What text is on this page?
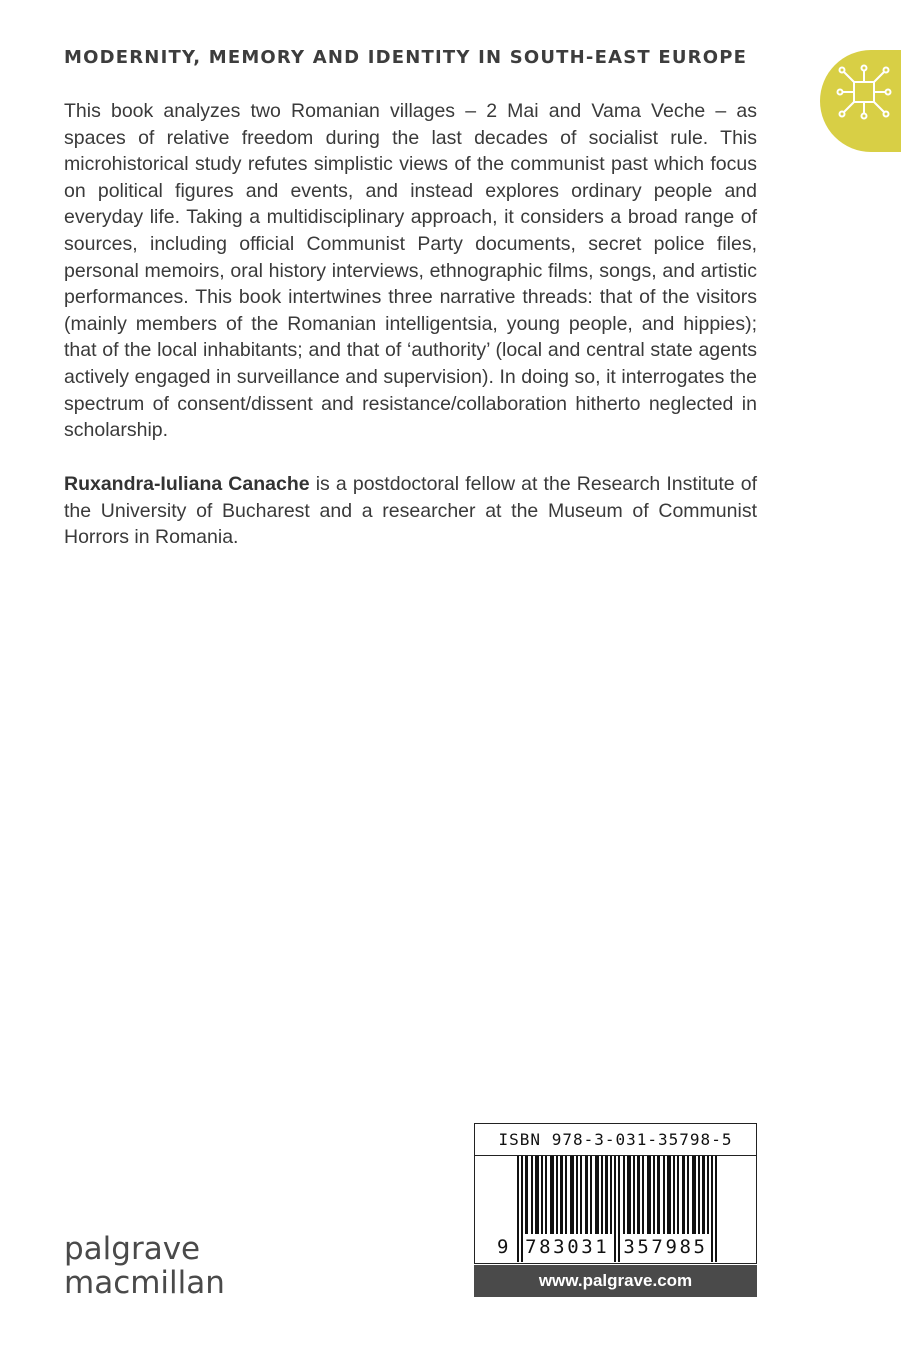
MODERNITY, MEMORY AND IDENTITY IN SOUTH-EAST EUROPE

This book analyzes two Romanian villages – 2 Mai and Vama Veche – as spaces of relative freedom during the last decades of socialist rule. This microhistorical study refutes simplistic views of the communist past which focus on political figures and events, and instead explores ordinary people and everyday life. Taking a multidisciplinary approach, it considers a broad range of sources, including official Communist Party documents, secret police files, personal memoirs, oral history interviews, ethnographic films, songs, and artistic performances. This book intertwines three narrative threads: that of the visitors (mainly members of the Romanian intelligentsia, young people, and hippies); that of the local inhabitants; and that of ‘authority’ (local and central state agents actively engaged in surveillance and supervision). In doing so, it interrogates the spectrum of consent/dissent and resistance/collaboration hitherto neglected in scholarship.

Ruxandra-Iuliana Canache is a postdoctoral fellow at the Research Institute of the University of Bucharest and a researcher at the Museum of Communist Horrors in Romania.

palgrave
macmillan
ISBN 978-3-031-35798-5
9 783031 357985
www.palgrave.com
